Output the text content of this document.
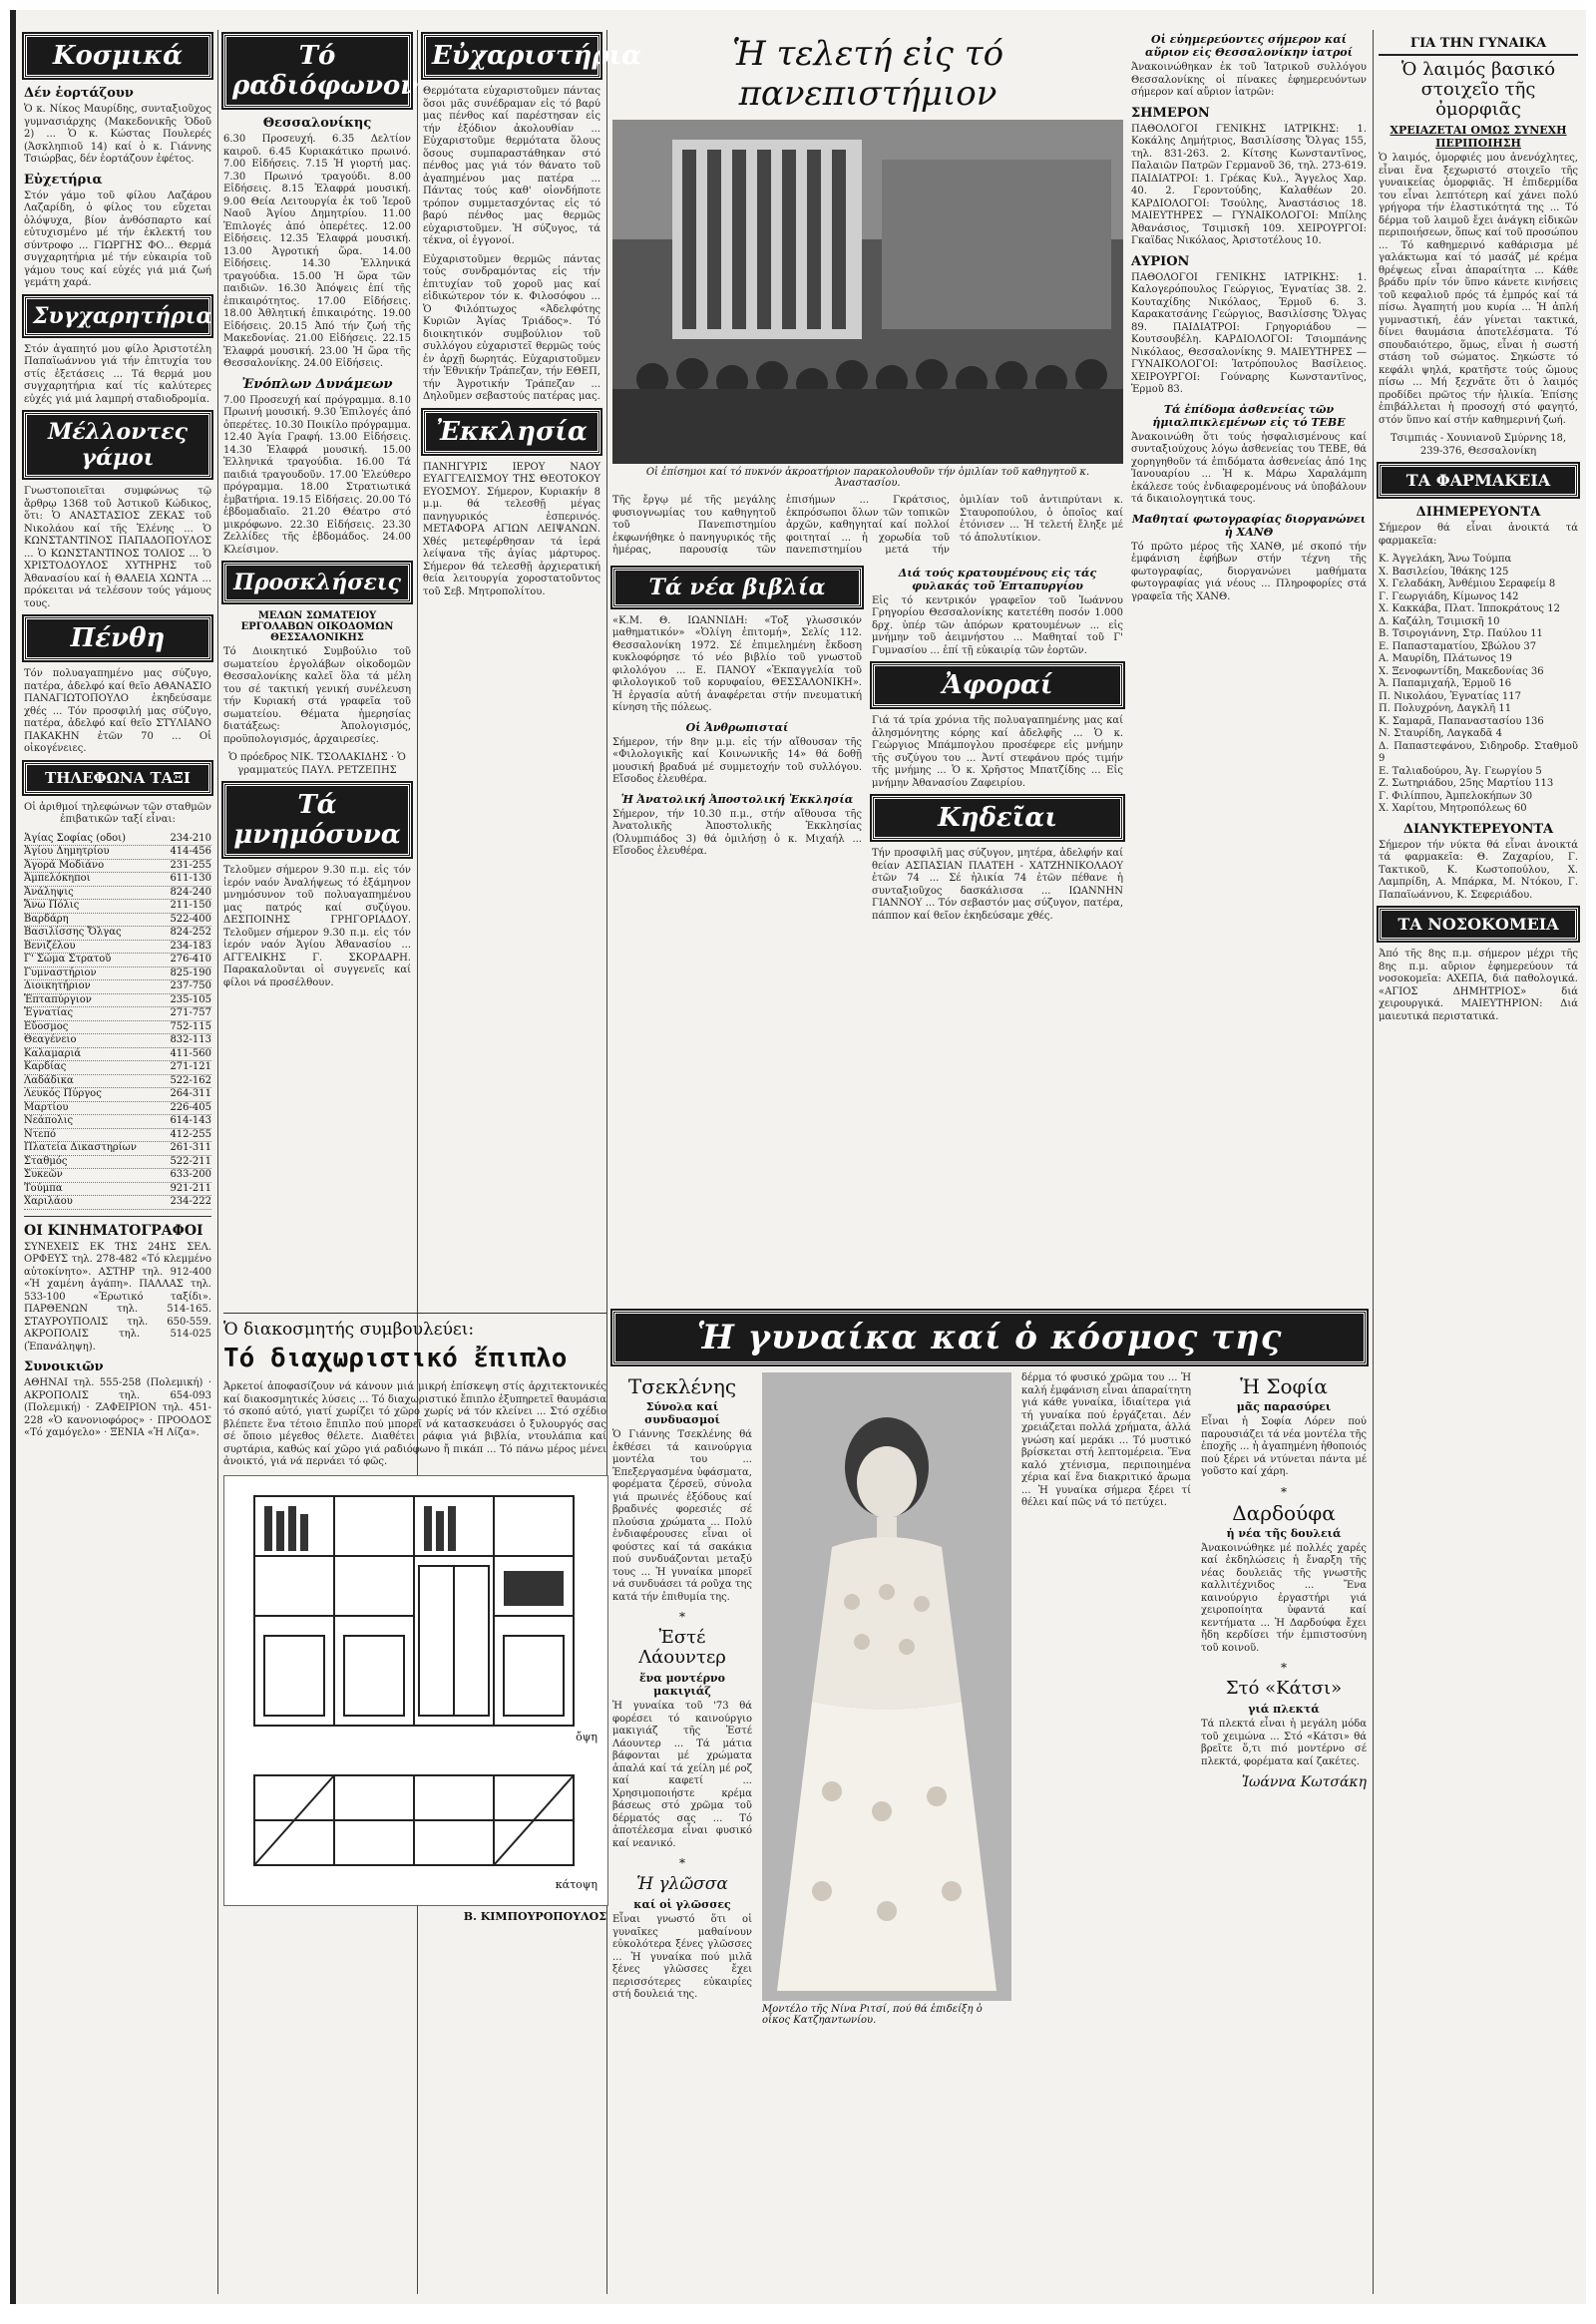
Κοσμικά
Δέν ἑορτάζουν

Ὁ κ. Νίκος Μαυρίδης, συνταξιοῦχος γυμνασιάρχης (Μακεδονικῆς Ὁδοῦ 2) ... Ὁ κ. Κώστας Πουλερές (Ἀσκληπιοῦ 14) καί ὁ κ. Γιάννης Τσιώρβας, δέν ἑορτάζουν ἐφέτος.

Εὐχετήρια

Στόν γάμο τοῦ φίλου Λαζάρου Λαζαρίδη, ὁ φίλος του εὔχεται ὁλόψυχα, βίον ἀνθόσπαρτο καί εὐτυχισμένο μέ τήν ἐκλεκτή του σύντροφο ... ΓΙΩΡΓΗΣ ΦΟ... Θερμά συγχαρητήρια μέ τήν εὐκαιρία τοῦ γάμου τους καί εὐχές γιά μιά ζωή γεμάτη χαρά.

Συγχαρητήρια

Στόν ἀγαπητό μου φίλο Ἀριστοτέλη Παπαϊωάννου γιά τήν ἐπιτυχία του στίς ἐξετάσεις ... Τά θερμά μου συγχαρητήρια καί τίς καλύτερες εὐχές γιά μιά λαμπρή σταδιοδρομία.

Μέλλοντες γάμοι

Γνωστοποιεῖται συμφώνως τῷ ἄρθρῳ 1368 τοῦ Ἀστικοῦ Κώδικος, ὅτι: Ὁ ΑΝΑΣΤΑΣΙΟΣ ΖΕΚΑΣ τοῦ Νικολάου καί τῆς Ἑλένης ... Ὁ ΚΩΝΣΤΑΝΤΙΝΟΣ ΠΑΠΑΔΟΠΟΥΛΟΣ ... Ὁ ΚΩΝΣΤΑΝΤΙΝΟΣ ΤΟΛΙΟΣ ... Ὁ ΧΡΙΣΤΟΔΟΥΛΟΣ ΧΥΤΗΡΗΣ τοῦ Ἀθανασίου καί ἡ ΘΑΛΕΙΑ ΧΩΝΤΑ ... πρόκειται νά τελέσουν τούς γάμους τους.

Πένθη

Τόν πολυαγαπημένο μας σύζυγο, πατέρα, ἀδελφό καί θεῖο ΑΘΑΝΑΣΙΟ ΠΑΝΑΓΙΩΤΟΠΟΥΛΟ ἐκηδεύσαμε χθές ... Τόν προσφιλή μας σύζυγο, πατέρα, ἀδελφό καί θεῖο ΣΤΥΛΙΑΝΟ ΠΑΚΑΚΗΝ ἐτῶν 70 ... Οἱ οἰκογένειες.

ΤΗΛΕΦΩΝΑ ΤΑΞΙ

Οἱ ἀριθμοί τηλεφώνων τῶν σταθμῶν ἐπιβατικῶν ταξί εἶναι:

Ἁγίας Σοφίας (οδοι)	234-210
Ἁγίου Δημητρίου	414-456
Ἀγορά Μοδιάνο	231-255
Ἀμπελόκηποι	611-130
Ἀνάληψις	824-240
Ἄνω Πόλις	211-150
Βαρδάρη	522-400
Βασιλίσσης Ὄλγας	824-252
Βενιζέλου	234-183
Γ' Σώμα Στρατοῦ	276-410
Γυμναστήριον	825-190
Διοικητήριον	237-750
Ἑπταπύργιον	235-105
Ἐγνατίας	271-757
Εὔοσμος	752-115
Θεαγένειο	832-113
Καλαμαριά	411-560
Καρδίας	271-121
Λαδάδικα	522-162
Λευκός Πύργος	264-311
Μαρτίου	226-405
Νεάπολις	614-143
Ντεπό	412-255
Πλατεία Δικαστηρίων	261-311
Σταθμός	522-211
Συκεῶν	633-200
Τούμπα	921-211
Χαριλάου	234-222
ΟΙ ΚΙΝΗΜΑΤΟΓΡΑΦΟΙ

ΣΥΝΕΧΕΙΣ ΕΚ ΤΗΣ 24ΗΣ ΣΕΛ. ΟΡΦΕΥΣ τηλ. 278-482 «Τό κλεμμένο αὐτοκίνητο». ΑΣΤΗΡ τηλ. 912-400 «Ἡ χαμένη ἀγάπη». ΠΑΛΛΑΣ τηλ. 533-100 «Ἐρωτικό ταξίδι». ΠΑΡΘΕΝΩΝ τηλ. 514-165. ΣΤΑΥΡΟΥΠΟΛΙΣ τηλ. 650-559. ΑΚΡΟΠΟΛΙΣ τηλ. 514-025 (Ἐπανάληψη).

Συνοικιῶν

ΑΘΗΝΑΙ τηλ. 555-258 (Πολεμική) · ΑΚΡΟΠΟΛΙΣ τηλ. 654-093 (Πολεμική) · ΖΑΦΕΙΡΙΟΝ τηλ. 451-228 «Ὁ κανονιοφόρος» · ΠΡΟΟΔΟΣ «Τό χαμόγελο» · ΞΕΝΙΑ «Ἡ Λίζα».

Τό ραδιόφωνον
Θεσσαλονίκης

6.30 Προσευχή. 6.35 Δελτίον καιροῦ. 6.45 Κυριακάτικο πρωινό. 7.00 Εἰδήσεις. 7.15 Ἡ γιορτή μας. 7.30 Πρωινό τραγούδι. 8.00 Εἰδήσεις. 8.15 Ἐλαφρά μουσική. 9.00 Θεία Λειτουργία ἐκ τοῦ Ἱεροῦ Ναοῦ Ἁγίου Δημητρίου. 11.00 Ἐπιλογές ἀπό ὀπερέτες. 12.00 Εἰδήσεις. 12.35 Ἑλαφρά μουσική. 13.00 Ἀγροτική ὥρα. 14.00 Εἰδήσεις. 14.30 Ἑλληνικά τραγούδια. 15.00 Ἡ ὥρα τῶν παιδιῶν. 16.30 Ἀπόψεις ἐπί τῆς ἐπικαιρότητος. 17.00 Εἰδήσεις. 18.00 Ἀθλητική ἐπικαιρότης. 19.00 Εἰδήσεις. 20.15 Ἀπό τήν ζωή τῆς Μακεδονίας. 21.00 Εἰδήσεις. 22.15 Ἐλαφρά μουσική. 23.00 Ἡ ὥρα τῆς Θεσσαλονίκης. 24.00 Εἰδήσεις.

Ἐνόπλων Δυνάμεων

7.00 Προσευχή καί πρόγραμμα. 8.10 Πρωινή μουσική. 9.30 Ἐπιλογές ἀπό ὀπερέτες. 10.30 Ποικίλο πρόγραμμα. 12.40 Ἁγία Γραφή. 13.00 Εἰδήσεις. 14.30 Ἐλαφρά μουσική. 15.00 Ἑλληνικά τραγούδια. 16.00 Τά παιδιά τραγουδοῦν. 17.00 Ἐλεύθερο πρόγραμμα. 18.00 Στρατιωτικά ἐμβατήρια. 19.15 Εἰδήσεις. 20.00 Τό ἑβδομαδιαῖο. 21.20 Θέατρο στό μικρόφωνο. 22.30 Εἰδήσεις. 23.30 Ζελλίδες τῆς ἑβδομάδος. 24.00 Κλείσιμον.

Προσκλήσεις
ΜΕΛΩΝ ΣΩΜΑΤΕΙΟΥ ΕΡΓΟΛΑΒΩΝ ΟΙΚΟΔΟΜΩΝ ΘΕΣΣΑΛΟΝΙΚΗΣ

Τό Διοικητικό Συμβούλιο τοῦ σωματείου ἐργολάβων οἰκοδομῶν Θεσσαλονίκης καλεῖ ὅλα τά μέλη του σέ τακτική γενική συνέλευση τήν Κυριακή στά γραφεῖα τοῦ σωματείου. Θέματα ἡμερησίας διατάξεως: Ἀπολογισμός, προϋπολογισμός, ἀρχαιρεσίες.

Ὁ πρόεδρος ΝΙΚ. ΤΣΟΛΑΚΙΔΗΣ · Ὁ γραμματεύς ΠΑΥΛ. ΡΕΤΖΕΠΗΣ

Τά μνημόσυνα

Τελοῦμεν σήμερον 9.30 π.μ. εἰς τόν ἱερόν ναόν Ἀναλήψεως τό ἑξάμηνον μνημόσυνον τοῦ πολυαγαπημένου μας πατρός καί συζύγου. ΔΕΣΠΟΙΝΗΣ ΓΡΗΓΟΡΙΑΔΟΥ. Τελοῦμεν σήμερον 9.30 π.μ. εἰς τόν ἱερόν ναόν Ἁγίου Ἀθανασίου ... ΑΓΓΕΛΙΚΗΣ Γ. ΣΚΟΡΔΑΡΗ. Παρακαλοῦνται οἱ συγγενεῖς καί φίλοι νά προσέλθουν.

Εὐχαριστήρια

Θερμότατα εὐχαριστοῦμεν πάντας ὅσοι μᾶς συνέδραμαν εἰς τό βαρύ μας πένθος καί παρέστησαν εἰς τήν ἐξόδιον ἀκολουθίαν ... Εὐχαριστοῦμε θερμότατα ὅλους ὅσους συμπαραστάθηκαν στό πένθος μας γιά τόν θάνατο τοῦ ἀγαπημένου μας πατέρα ... Πάντας τούς καθ' οἱονδήποτε τρόπον συμμετασχόντας εἰς τό βαρύ πένθος μας θερμῶς εὐχαριστοῦμεν. Ἡ σύζυγος, τά τέκνα, οἱ ἐγγονοί.

Εὐχαριστοῦμεν θερμῶς πάντας τούς συνδραμόντας εἰς τήν ἐπιτυχίαν τοῦ χοροῦ μας καί εἰδικώτερον τόν κ. Φιλοσόφου ... Ὁ Φιλόπτωχος «Ἀδελφότης Κυριῶν Ἀγίας Τριάδος». Τό διοικητικόν συμβούλιον τοῦ συλλόγου εὐχαριστεῖ θερμῶς τούς ἐν ἀρχῇ δωρητάς. Εὐχαριστοῦμεν τήν Ἐθνικήν Τράπεζαν, τήν ΕΘΕΠ, τήν Ἀγροτικήν Τράπεζαν ... Δηλοῦμεν σεβαστούς πατέρας μας.

Ἐκκλησία

ΠΑΝΗΓΥΡΙΣ ΙΕΡΟΥ ΝΑΟΥ ΕΥΑΓΓΕΛΙΣΜΟΥ ΤΗΣ ΘΕΟΤΟΚΟΥ ΕΥΟΣΜΟΥ. Σήμερον, Κυριακήν 8 μ.μ. θά τελεσθῇ μέγας πανηγυρικός ἑσπερινός. ΜΕΤΑΦΟΡΑ ΑΓΙΩΝ ΛΕΙΨΑΝΩΝ. Χθές μετεφέρθησαν τά ἱερά λείψανα τῆς ἁγίας μάρτυρος. Σήμερον θά τελεσθῇ ἀρχιερατική θεία λειτουργία χοροστατοῦντος τοῦ Σεβ. Μητροπολίτου.

Ἡ τελετή εἰς τό πανεπιστήμιον
Οἱ ἐπίσημοι καί τό πυκνόν ἀκροατήριον παρακολουθοῦν τήν ὁμιλίαν τοῦ καθηγητοῦ κ. Ἀναστασίου.

Τῆς ἔργῳ μέ τῆς μεγάλης φυσιογνωμίας του καθηγητοῦ τοῦ Πανεπιστημίου ἐκφωνήθηκε ὁ πανηγυρικός τῆς ἡμέρας, παρουσίᾳ τῶν ἐπισήμων ... Γκράτσιος, ἐκπρόσωποι ὅλων τῶν τοπικῶν ἀρχῶν, καθηγηταί καί πολλοί φοιτηταί ... ἡ χορωδία τοῦ πανεπιστημίου μετά τήν ὁμιλίαν τοῦ ἀντιπρύτανι κ. Σταυροπούλου, ὁ ὁποῖος καί ἐτόνισεν ... Ἡ τελετή ἔληξε μέ τό ἀπολυτίκιον.

Τά νέα βιβλία

«Κ.Μ. Θ. ΙΩΑΝΝΙΔΗ: «Τοξ γλωσσικόν μαθηματικόν» «Ὀλίγη ἐπιτομή», Σελίς 112. Θεσσαλονίκη 1972. Σέ ἐπιμελημένη ἔκδοση κυκλοφόρησε τό νέο βιβλίο τοῦ γνωστοῦ φιλολόγου ... Ε. ΠΑΝΟΥ «Ἑκπαγγελία τοῦ φιλολογικοῦ τοῦ κορυφαίου, ΘΕΣΣΑΛΟΝΙΚΗ». Ἡ ἐργασία αὐτή ἀναφέρεται στήν πνευματική κίνηση τῆς πόλεως.

Οἱ Ἀνθρωπισταί

Σήμερον, τήν 8ην μ.μ. εἰς τήν αἴθουσαν τῆς «Φιλολογικῆς καί Κοινωνικῆς 14» θά δοθῇ μουσική βραδυά μέ συμμετοχήν τοῦ συλλόγου. Εἴσοδος ἐλευθέρα.

Ἡ Ἀνατολική Ἀποστολική Ἐκκλησία

Σήμερον, τήν 10.30 π.μ., στήν αἴθουσα τῆς Ἀνατολικῆς Ἀποστολικῆς Ἐκκλησίας (Ὀλυμπιάδος 3) θά ὁμιλήσῃ ὁ κ. Μιχαήλ ... Εἴσοδος ἐλευθέρα.

Διά τούς κρατουμένους εἰς τάς φυλακάς τοῦ Ἑπταπυργίου

Εἰς τό κεντρικόν γραφεῖον τοῦ Ἰωάννου Γρηγορίου Θεσσαλονίκης κατετέθη ποσόν 1.000 δρχ. ὑπέρ τῶν ἀπόρων κρατουμένων ... εἰς μνήμην τοῦ ἀειμνήστου ... Μαθηταί τοῦ Γ' Γυμνασίου ... ἐπί τῇ εὐκαιρίᾳ τῶν ἑορτῶν.

Ἀφοραί

Γιά τά τρία χρόνια τῆς πολυαγαπημένης μας καί ἀλησμόνητης κόρης καί ἀδελφῆς ... Ὁ κ. Γεώργιος Μπάμπογλου προσέφερε εἰς μνήμην τῆς συζύγου του ... Ἀντί στεφάνου πρός τιμήν τῆς μνήμης ... Ὁ κ. Χρῆστος Μπατζίδης ... Εἰς μνήμην Ἀθανασίου Ζαφειρίου.

Κηδεῖαι

Τήν προσφιλῆ μας σύζυγον, μητέρα, ἀδελφήν καί θείαν ΑΣΠΑΣΙΑΝ ΠΛΑΤΕΗ - ΧΑΤΖΗΝΙΚΟΛΑΟΥ ἐτῶν 74 ... Σέ ἡλικία 74 ἐτῶν πέθανε ἡ συνταξιοῦχος δασκάλισσα ... ΙΩΑΝΝΗΝ ΓΙΑΝΝΟΥ ... Τόν σεβαστόν μας σύζυγον, πατέρα, πάππον καί θεῖον ἐκηδεύσαμε χθές.

Οἱ εὐημερεύοντες σήμερον καί αὔριον εἰς Θεσσαλονίκην ἰατροί

Ἀνακοινώθηκαν ἐκ τοῦ Ἰατρικοῦ συλλόγου Θεσσαλονίκης οἱ πίνακες ἐφημερευόντων σήμερον καί αὔριον ἰατρῶν:

ΣΗΜΕΡΟΝ

ΠΑΘΟΛΟΓΟΙ ΓΕΝΙΚΗΣ ΙΑΤΡΙΚΗΣ: 1. Κοκάλης Δημήτριος, Βασιλίσσης Ὄλγας 155, τηλ. 831-263. 2. Κίτσης Κωνσταντῖνος, Παλαιῶν Πατρῶν Γερμανοῦ 36, τηλ. 273-619. ΠΑΙΔΙΑΤΡΟΙ: 1. Γρέκας Κυλ., Ἄγγελος Χαρ. 40. 2. Γεροντούδης, Καλαθέων 20. ΚΑΡΔΙΟΛΟΓΟΙ: Τσούλης, Ἀναστάσιος 18. ΜΑΙΕΥΤΗΡΕΣ — ΓΥΝΑΙΚΟΛΟΓΟΙ: Μπίλης Ἀθανάσιος, Τσιμισκῆ 109. ΧΕΙΡΟΥΡΓΟΙ: Γκαϊδας Νικόλαος, Ἀριστοτέλους 10.

ΑΥΡΙΟΝ

ΠΑΘΟΛΟΓΟΙ ΓΕΝΙΚΗΣ ΙΑΤΡΙΚΗΣ: 1. Καλογερόπουλος Γεώργιος, Ἐγνατίας 38. 2. Κουταχίδης Νικόλαος, Ἐρμοῦ 6. 3. Καρακατσάνης Γεώργιος, Βασιλίσσης Ὄλγας 89. ΠΑΙΔΙΑΤΡΟΙ: Γρηγοριάδου — Κουτσουβέλη. ΚΑΡΔΙΟΛΟΓΟΙ: Τσιομπάνης Νικόλαος, Θεσσαλονίκης 9. ΜΑΙΕΥΤΗΡΕΣ — ΓΥΝΑΙΚΟΛΟΓΟΙ: Ἰατρόπουλος Βασίλειος. ΧΕΙΡΟΥΡΓΟΙ: Γούναρης Κωνσταντῖνος, Ἑρμοῦ 83.

Τά ἐπίδομα ἀσθενείας τῶν ἡμιαλπικλεμένων εἰς τό ΤΕΒΕ

Ἀνακοινώθη ὅτι τούς ἠσφαλισμένους καί συνταξιούχους λόγω ἀσθενείας του ΤΕΒΕ, θά χορηγηθοῦν τά ἐπιδόματα ἀσθενείας ἀπό 1ης Ἰανουαρίου ... Ἡ κ. Μάρω Χαραλάμπη ἐκάλεσε τούς ἐνδιαφερομένους νά ὑποβάλουν τά δικαιολογητικά τους.

Μαθηταί φωτογραφίας διοργανώνει ἡ ΧΑΝΘ

Τό πρῶτο μέρος τῆς ΧΑΝΘ, μέ σκοπό τήν ἐμφάνιση ἐφήβων στήν τέχνη τῆς φωτογραφίας, διοργανώνει μαθήματα φωτογραφίας γιά νέους ... Πληροφορίες στά γραφεῖα τῆς ΧΑΝΘ.

ΓΙΑ ΤΗΝ ΓΥΝΑΙΚΑ
Ὁ λαιμός βασικό στοιχεῖο τῆς ὀμορφιᾶς
ΧΡΕΙΑΖΕΤΑΙ ΟΜΩΣ ΣΥΝΕΧΗ ΠΕΡΙΠΟΙΗΣΗ

Ὁ λαιμός, ὀμορφιές μου ἀνενόχλητες, εἶναι ἕνα ξεχωριστό στοιχεῖο τῆς γυναικείας ὀμορφιᾶς. Ἡ ἐπιδερμίδα του εἶναι λεπτότερη καί χάνει πολύ γρήγορα τήν ἐλαστικότητά της ... Τό δέρμα τοῦ λαιμοῦ ἔχει ἀνάγκη εἰδικῶν περιποιήσεων, ὅπως καί τοῦ προσώπου ... Τό καθημερινό καθάρισμα μέ γαλάκτωμα καί τό μασάζ μέ κρέμα θρέψεως εἶναι ἀπαραίτητα ... Κάθε βράδυ πρίν τόν ὕπνο κάνετε κινήσεις τοῦ κεφαλιοῦ πρός τά ἐμπρός καί τά πίσω. Ἀγαπητή μου κυρία ... Ἡ ἀπλή γυμναστική, ἐάν γίνεται τακτικά, δίνει θαυμάσια ἀποτελέσματα. Τό σπουδαιότερο, ὅμως, εἶναι ἡ σωστή στάση τοῦ σώματος. Σηκώστε τό κεφάλι ψηλά, κρατῆστε τούς ὤμους πίσω ... Μή ξεχνᾶτε ὅτι ὁ λαιμός προδίδει πρῶτος τήν ἡλικία. Ἐπίσης ἐπιβάλλεται ἡ προσοχή στό φαγητό, στόν ὕπνο καί στήν καθημερινή ζωή.

Τσιμπιάς - Χουνιανοῦ Σμύρνης 18, 239-376, Θεσσαλονίκη

ΤΑ ΦΑΡΜΑΚΕΙΑ
ΔΙΗΜΕΡΕΥΟΝΤΑ

Σήμερον θά εἶναι ἀνοικτά τά φαρμακεῖα:

Κ. Ἀγγελάκη, Ἄνω Τούμπα
Χ. Βασιλείου, Ἰθάκης 125
Χ. Γελαδάκη, Ἀνθέμιου Σεραφείμ 8
Γ. Γεωργιάδη, Κίμωνος 142
Χ. Κακκάβα, Πλατ. Ἰπποκράτους 12
Δ. Καζάλη, Τσιμισκῆ 10
Β. Τσιρογιάννη, Στρ. Παύλου 11
Ε. Παπασταματίου, Σβώλου 37
Α. Μαυρίδη, Πλάτωνος 19
Χ. Ξενοφωντίδη, Μακεδονίας 36
Ἀ. Παπαμιχαήλ, Ἑρμοῦ 16
Π. Νικολάου, Ἐγνατίας 117
Π. Πολυχρόνη, Δαγκλῆ 11
Κ. Σαμαρᾶ, Παπαναστασίου 136
Ν. Σταυρίδη, Λαγκαδᾶ 4
Δ. Παπαστεφάνου, Σιδηροδρ. Σταθμοῦ 9
Ε. Ταλιαδούρου, Ἀγ. Γεωργίου 5
Ζ. Σωτηριάδου, 25ης Μαρτίου 113
Γ. Φιλίππου, Ἀμπελοκήπων 30
Χ. Χαρίτου, Μητροπόλεως 60
ΔΙΑΝΥΚΤΕΡΕΥΟΝΤΑ

Σήμερον τήν νύκτα θά εἶναι ἀνοικτά τά φαρμακεῖα: Θ. Ζαχαρίου, Γ. Τακτικοῦ, Κ. Κωστοπούλου, Χ. Λαμπρίδη, Α. Μπάρκα, Μ. Ντόκου, Γ. Παπαϊωάννου, Κ. Σεφεριάδου.

ΤΑ ΝΟΣΟΚΟΜΕΙΑ

Ἀπό τῆς 8ης π.μ. σήμερον μέχρι τῆς 8ης π.μ. αὔριον ἐφημερεύουν τά νοσοκομεῖα: ΑΧΕΠΑ, διά παθολογικά. «ΑΓΙΟΣ ΔΗΜΗΤΡΙΟΣ» διά χειρουργικά. ΜΑΙΕΥΤΗΡΙΟΝ: Διά μαιευτικά περιστατικά.

Ὁ διακοσμητής συμβουλεύει:
Τό διαχωριστικό ἔπιπλο

Ἀρκετοί ἀποφασίζουν νά κάνουν μιά μικρή ἐπίσκεψη στίς ἀρχιτεκτονικές καί διακοσμητικές λύσεις ... Τό διαχωριστικό ἔπιπλο ἐξυπηρετεῖ θαυμάσια τό σκοπό αὐτό, γιατί χωρίζει τό χῶρο χωρίς νά τόν κλείνει ... Στό σχέδιο βλέπετε ἕνα τέτοιο ἔπιπλο πού μπορεῖ νά κατασκευάσει ὁ ξυλουργός σας σέ ὅποιο μέγεθος θέλετε. Διαθέτει ράφια γιά βιβλία, ντουλάπια καί συρτάρια, καθώς καί χῶρο γιά ραδιόφωνο ἤ πικάπ ... Τό πάνω μέρος μένει ἀνοικτό, γιά νά περνάει τό φῶς.

ὄψη
κάτοψη
Β. ΚΙΜΠΟΥΡΟΠΟΥΛΟΣ
Ἡ γυναίκα καί ὁ κόσμος της
Τσεκλένης
Σύνολα καί συνδυασμοί

Ὁ Γιάννης Τσεκλένης θά ἐκθέσει τά καινούργια μοντέλα του ... Ἐπεξεργασμένα ὑφάσματα, φορέματα ζέρσεϋ, σύνολα γιά πρωινές ἐξόδους καί βραδινές φορεσιές σέ πλούσια χρώματα ... Πολύ ἐνδιαφέρουσες εἶναι οἱ φούστες καί τά σακάκια πού συνδυάζονται μεταξύ τους ... Ἡ γυναίκα μπορεῖ νά συνδυάσει τά ροῦχα της κατά τήν ἐπιθυμία της.

*
Ἐστέ Λάουντερ
ἕνα μοντέρνο μακιγιάζ

Ἡ γυναίκα τοῦ '73 θά φορέσει τό καινούργιο μακιγιάζ τῆς Ἐστέ Λάουντερ ... Τά μάτια βάφονται μέ χρώματα ἀπαλά καί τά χείλη μέ ροζ καί καφετί ... Χρησιμοποιήστε κρέμα βάσεως στό χρῶμα τοῦ δέρματός σας ... Τό ἀποτέλεσμα εἶναι φυσικό καί νεανικό.

*
Ἡ γλῶσσα
καί οἱ γλῶσσες

Εἶναι γνωστό ὅτι οἱ γυναῖκες μαθαίνουν εὐκολότερα ξένες γλῶσσες ... Ἡ γυναίκα πού μιλᾶ ξένες γλῶσσες ἔχει περισσότερες εὐκαιρίες στή δουλειά της.

Μοντέλο τῆς Νίνα Ριτσί, πού θά ἐπιδείξη ὁ οἶκος Κατζηαντωνίου.

δέρμα τό φυσικό χρῶμα του ... Ἡ καλή ἐμφάνιση εἶναι ἀπαραίτητη γιά κάθε γυναίκα, ἰδιαίτερα γιά τή γυναίκα πού ἐργάζεται. Δέν χρειάζεται πολλά χρήματα, ἀλλά γνώση καί μεράκι ... Τό μυστικό βρίσκεται στή λεπτομέρεια. Ἕνα καλό χτένισμα, περιποιημένα χέρια καί ἕνα διακριτικό ἄρωμα ... Ἡ γυναίκα σήμερα ξέρει τί θέλει καί πῶς νά τό πετύχει.

Ἡ Σοφία
μᾶς παρασύρει

Εἶναι ἡ Σοφία Λόρεν πού παρουσιάζει τά νέα μοντέλα τῆς ἐποχῆς ... ἡ ἀγαπημένη ἠθοποιός πού ξέρει νά ντύνεται πάντα μέ γοῦστο καί χάρη.

*
Δαρδούφα
ἡ νέα τῆς δουλειά

Ἀνακοινώθηκε μέ πολλές χαρές καί ἐκδηλώσεις ἡ ἔναρξη τῆς νέας δουλειᾶς τῆς γνωστῆς καλλιτέχνιδος ... Ἔνα καινούργιο ἐργαστήρι γιά χειροποίητα ὑφαντά καί κεντήματα ... Ἡ Δαρδούφα ἔχει ἤδη κερδίσει τήν ἐμπιστοσύνη τοῦ κοινοῦ.

*
Στό «Κάτσι»
γιά πλεκτά

Τά πλεκτά εἶναι ἡ μεγάλη μόδα τοῦ χειμώνα ... Στό «Κάτσι» θά βρεῖτε ὅ,τι πιό μοντέρνο σέ πλεκτά, φορέματα καί ζακέτες.

Ἰωάννα Κωτσάκη
